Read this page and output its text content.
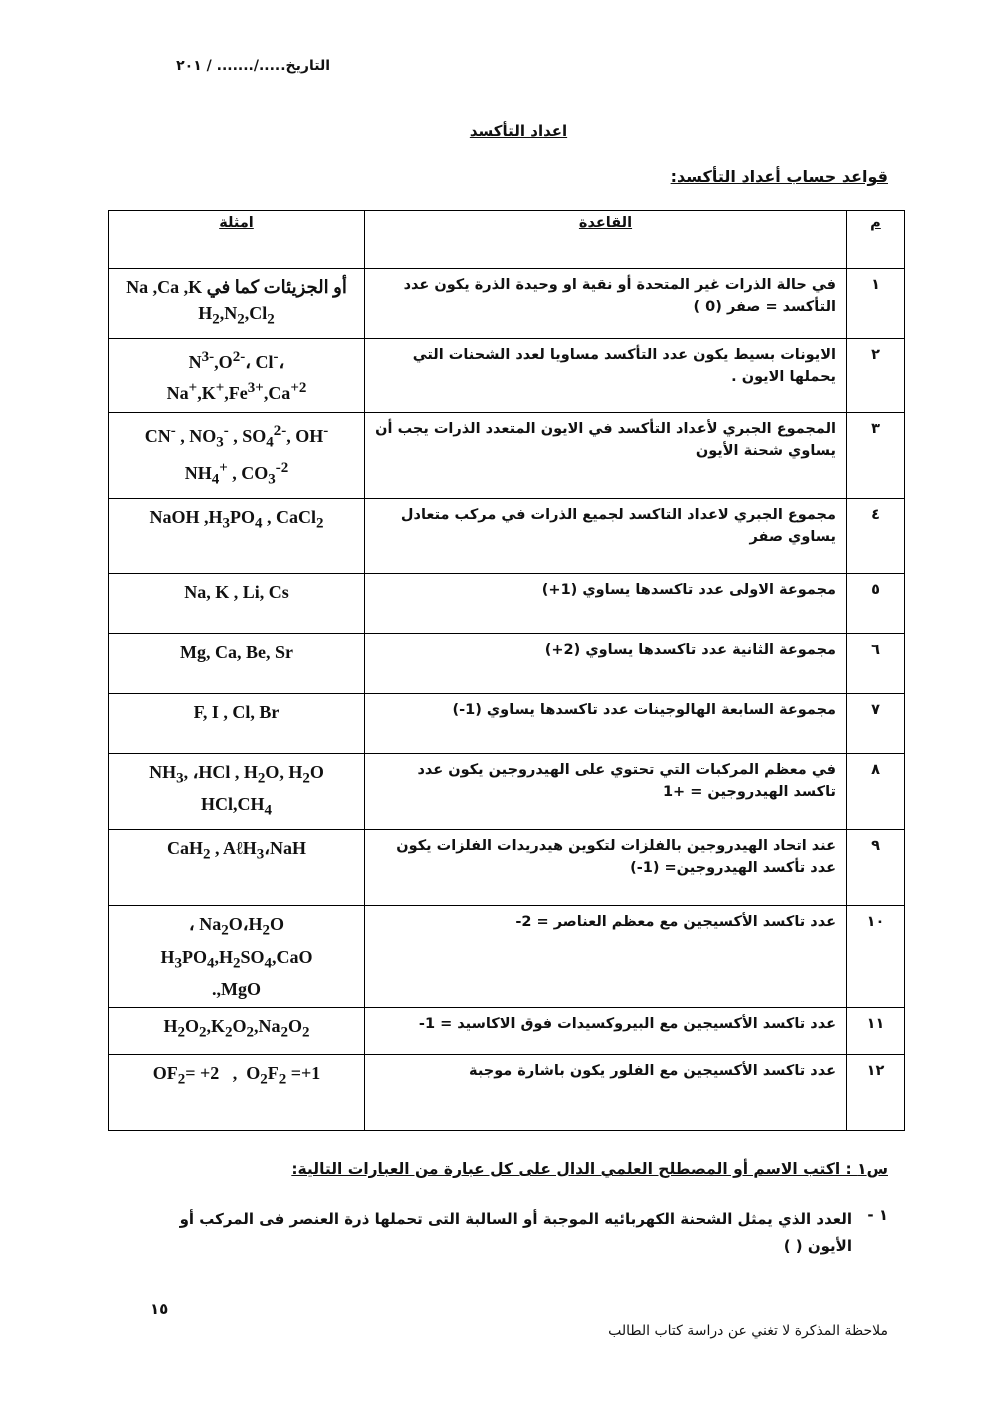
التاريخ...../....... / ٢٠١
اعداد التأكسد
قواعد حساب أعداد التأكسد:
م	القاعدة	امثلة
١	في حالة الذرات غير المتحدة أو نقية او وحيدة الذرة يكون عدد التأكسد = صفر (0 )	Na ,Ca ,K أو الجزيئات كما في
$H_2,N_2,Cl_2$
٢	الايونات بسيط يكون عدد التأكسد مساويا لعدد الشحنات التي يحملها الايون .	$N^{3-},O^{2-}،$ Cl-،
$Na^+,K^+,Fe^{3+},Ca^{+2}$
٣	المجموع الجبري لأعداد التأكسد في الايون المتعدد الذرات يجب أن يساوي شحنة الأيون	CN- , $NO_3^-$ , $SO_4^{2-}$, OH-
$NH_4^+$ , $CO_3^{-2}$
٤	مجموع الجبري لاعداد التاكسد لجميع الذرات في مركب متعادل يساوي صفر	NaOH $,H_3PO_4$ , CaCl$_2$
٥	مجموعة الاولى عدد تاكسدها يساوي (1+)	Na, K , Li, Cs
٦	مجموعة الثانية عدد تاكسدها يساوي (2+)	Mg, Ca, Be, Sr
٧	مجموعة السابعة الهالوجينات عدد تاكسدها يساوي (1-)	F, I , Cl, Br
٨	في معظم المركبات التي تحتوي على الهيدروجين يكون عدد تاكسد الهيدروجين = +1	$NH_3$, ،HCl , $H_2O$, $H_2O$
$HCl,CH_4$
٩	عند اتحاد الهيدروجين بالفلزات لتكوين هيدريدات الفلزات يكون عدد تأكسد الهيدروجين= (1-)	CaH$_2$ , AℓH$_3$،NaH
١٠	عدد تاكسد الأكسيجين مع معظم العناصر = 2-	، $Na_2O،H_2O$
$H_3PO_4,H_2SO_4,CaO$
.,MgO
١١	عدد تاكسد الأكسيجين مع البيروكسيدات فوق الاكاسيد = 1-	$H_2O_2,K_2O_2,Na_2O_2$
١٢	عدد تاكسد الأكسيجين مع الفلور يكون باشارة موجبة	$OF_2= +2$   ,  $O_2F_2 =+1$
س١ : اكتب الاسم أو المصطلح العلمي الدال على كل عبارة من العبارات التالية:
١ -
العدد الذي يمثل الشحنة الكهربائيه الموجبة أو السالبة التى تحملها ذرة العنصر فى المركب أو الأيون ( )
١٥
ملاحظة المذكرة لا تغني عن دراسة كتاب الطالب
